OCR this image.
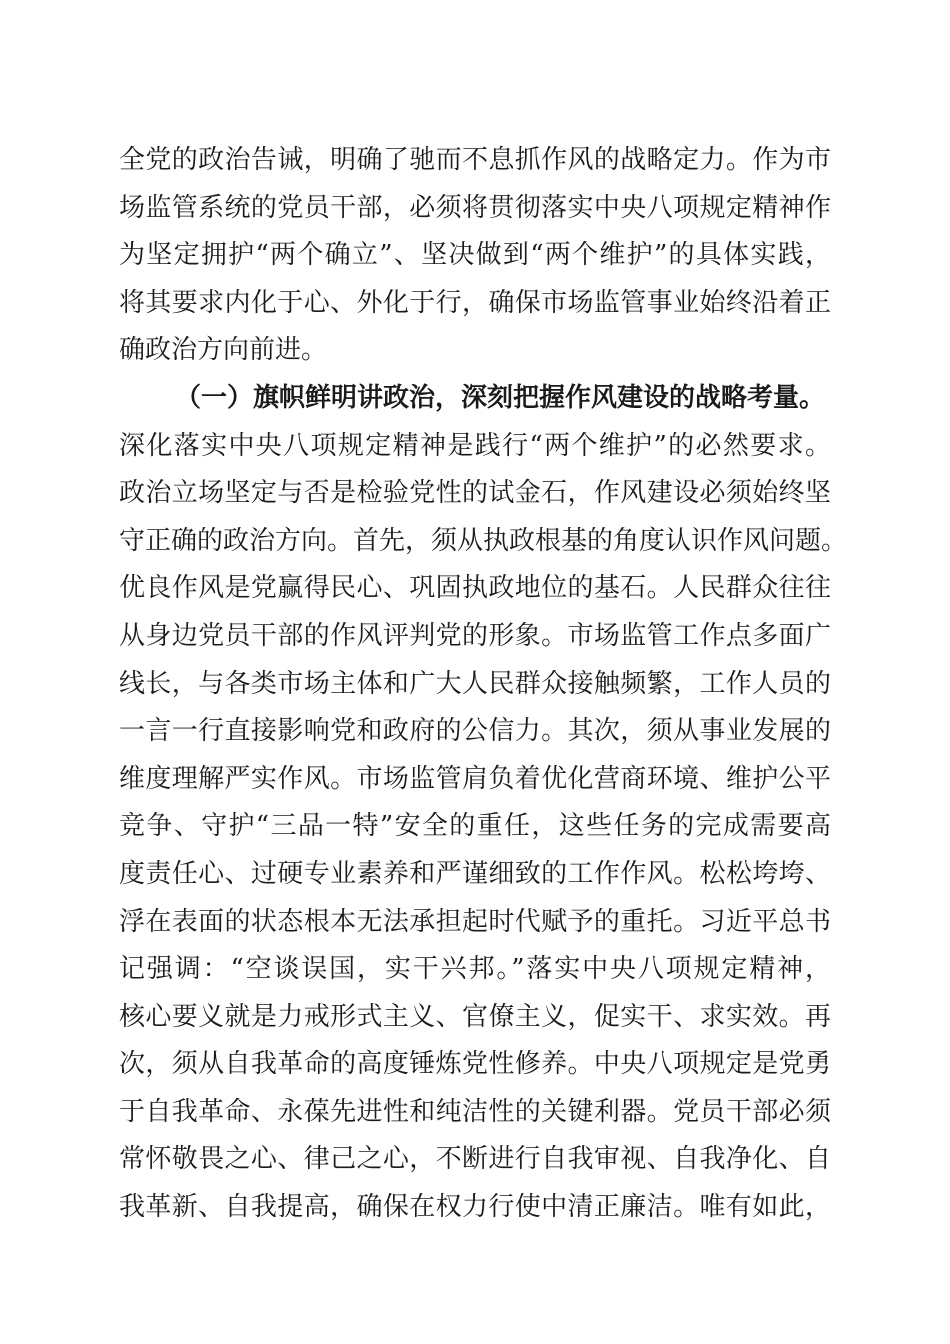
全党的政治告诫，明确了驰而不息抓作风的战略定力。作为市
场监管系统的党员干部，必须将贯彻落实中央八项规定精神作
为坚定拥护“两个确立”、坚决做到“两个维护”的具体实践，
将其要求内化于心、外化于行，确保市场监管事业始终沿着正
确政治方向前进。
（一）旗帜鲜明讲政治，深刻把握作风建设的战略考量。
深化落实中央八项规定精神是践行“两个维护”的必然要求。
政治立场坚定与否是检验党性的试金石，作风建设必须始终坚
守正确的政治方向。首先，须从执政根基的角度认识作风问题。
优良作风是党赢得民心、巩固执政地位的基石。人民群众往往
从身边党员干部的作风评判党的形象。市场监管工作点多面广
线长，与各类市场主体和广大人民群众接触频繁，工作人员的
一言一行直接影响党和政府的公信力。其次，须从事业发展的
维度理解严实作风。市场监管肩负着优化营商环境、维护公平
竞争、守护“三品一特”安全的重任，这些任务的完成需要高
度责任心、过硬专业素养和严谨细致的工作作风。松松垮垮、
浮在表面的状态根本无法承担起时代赋予的重托。习近平总书
记强调：“空谈误国，实干兴邦。”落实中央八项规定精神，
核心要义就是力戒形式主义、官僚主义，促实干、求实效。再
次，须从自我革命的高度锤炼党性修养。中央八项规定是党勇
于自我革命、永葆先进性和纯洁性的关键利器。党员干部必须
常怀敬畏之心、律己之心，不断进行自我审视、自我净化、自
我革新、自我提高，确保在权力行使中清正廉洁。唯有如此，
